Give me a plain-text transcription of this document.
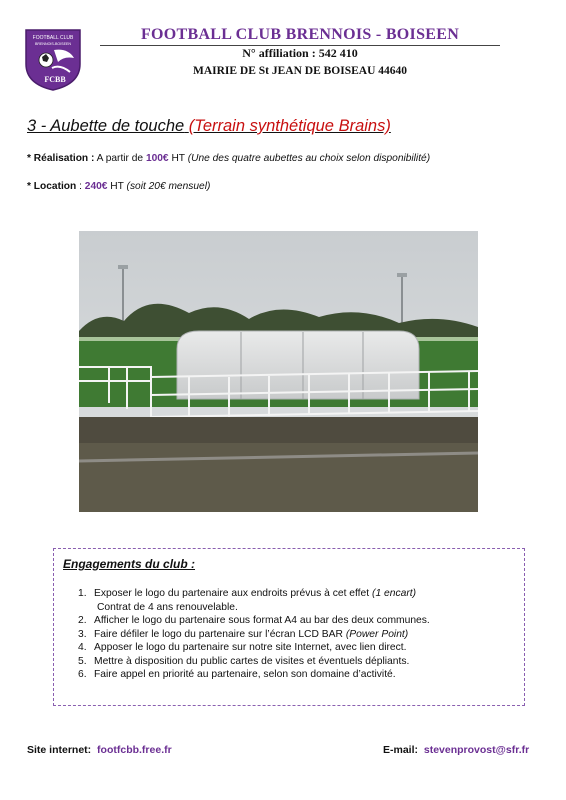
FOOTBALL CLUB
BRENNOIS-BOISEEN
FCBB
FOOTBALL CLUB BRENNOIS - BOISEEN
N° affiliation : 542 410
MAIRIE DE St JEAN DE BOISEAU 44640
3 - Aubette de touche (Terrain synthétique Brains)
* Réalisation : A partir de 100€ HT (Une des quatre aubettes au choix selon disponibilité)
* Location : 240€ HT (soit 20€ mensuel)
Engagements du club :
1. Exposer le logo du partenaire aux endroits prévus à cet effet (1 encart)
Contrat de 4 ans renouvelable.
2. Afficher le logo du partenaire sous format A4 au bar des deux communes.
3. Faire défiler le logo du partenaire sur l’écran LCD BAR (Power Point)
4. Apposer le logo du partenaire sur notre site Internet, avec lien direct.
5. Mettre à disposition du public cartes de visites et éventuels dépliants.
6. Faire appel en priorité au partenaire, selon son domaine d’activité.
Site internet: footfcbb.free.fr	E-mail: stevenprovost@sfr.fr
